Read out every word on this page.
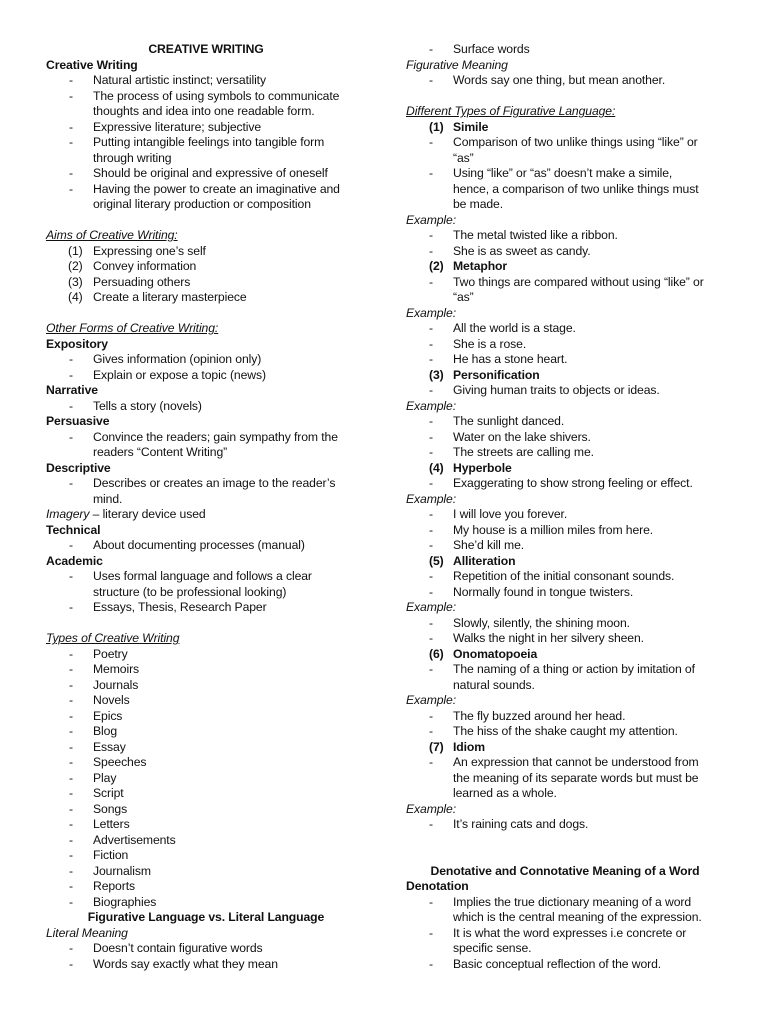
CREATIVE WRITING
Creative Writing
-	Natural artistic instinct; versatility
-	The process of using symbols to communicate
thoughts and idea into one readable form.
-	Expressive literature; subjective
-	Putting intangible feelings into tangible form
through writing
-	Should be original and expressive of oneself
-	Having the power to create an imaginative and
original literary production or composition

Aims of Creative Writing:
(1) Expressing one’s self
(2) Convey information
(3) Persuading others
(4) Create a literary masterpiece

Other Forms of Creative Writing:
Expository
-	Gives information (opinion only)
-	Explain or expose a topic (news)
Narrative
-	Tells a story (novels)
Persuasive
-	Convince the readers; gain sympathy from the
readers “Content Writing”
Descriptive
-	Describes or creates an image to the reader’s
mind.
Imagery – literary device used
Technical
-	About documenting processes (manual)
Academic
-	Uses formal language and follows a clear
structure (to be professional looking)
-	Essays, Thesis, Research Paper

Types of Creative Writing
-	Poetry
-	Memoirs
-	Journals
-	Novels
-	Epics
-	Blog
-	Essay
-	Speeches
-	Play
-	Script
-	Songs
-	Letters
-	Advertisements
-	Fiction
-	Journalism
-	Reports
-	Biographies
Figurative Language vs. Literal Language
Literal Meaning
-	Doesn’t contain figurative words
-	Words say exactly what they mean
-	Surface words
Figurative Meaning
-	Words say one thing, but mean another.

Different Types of Figurative Language:
(1) Simile
-	Comparison of two unlike things using “like” or
“as”
-	Using “like” or “as” doesn’t make a simile,
hence, a comparison of two unlike things must
be made.
Example:
-	The metal twisted like a ribbon.
-	She is as sweet as candy.
(2) Metaphor
-	Two things are compared without using “like” or
“as”
Example:
-	All the world is a stage.
-	She is a rose.
-	He has a stone heart.
(3) Personification
-	Giving human traits to objects or ideas.
Example:
-	The sunlight danced.
-	Water on the lake shivers.
-	The streets are calling me.
(4) Hyperbole
-	Exaggerating to show strong feeling or effect.
Example:
-	I will love you forever.
-	My house is a million miles from here.
-	She’d kill me.
(5) Alliteration
-	Repetition of the initial consonant sounds.
-	Normally found in tongue twisters.
Example:
-	Slowly, silently, the shining moon.
-	Walks the night in her silvery sheen.
(6) Onomatopoeia
-	The naming of a thing or action by imitation of
natural sounds.
Example:
-	The fly buzzed around her head.
-	The hiss of the shake caught my attention.
(7) Idiom
-	An expression that cannot be understood from
the meaning of its separate words but must be
learned as a whole.
Example:
-	It’s raining cats and dogs.

Denotative and Connotative Meaning of a Word
Denotation
-	Implies the true dictionary meaning of a word
which is the central meaning of the expression.
-	It is what the word expresses i.e concrete or
specific sense.
-	Basic conceptual reflection of the word.
